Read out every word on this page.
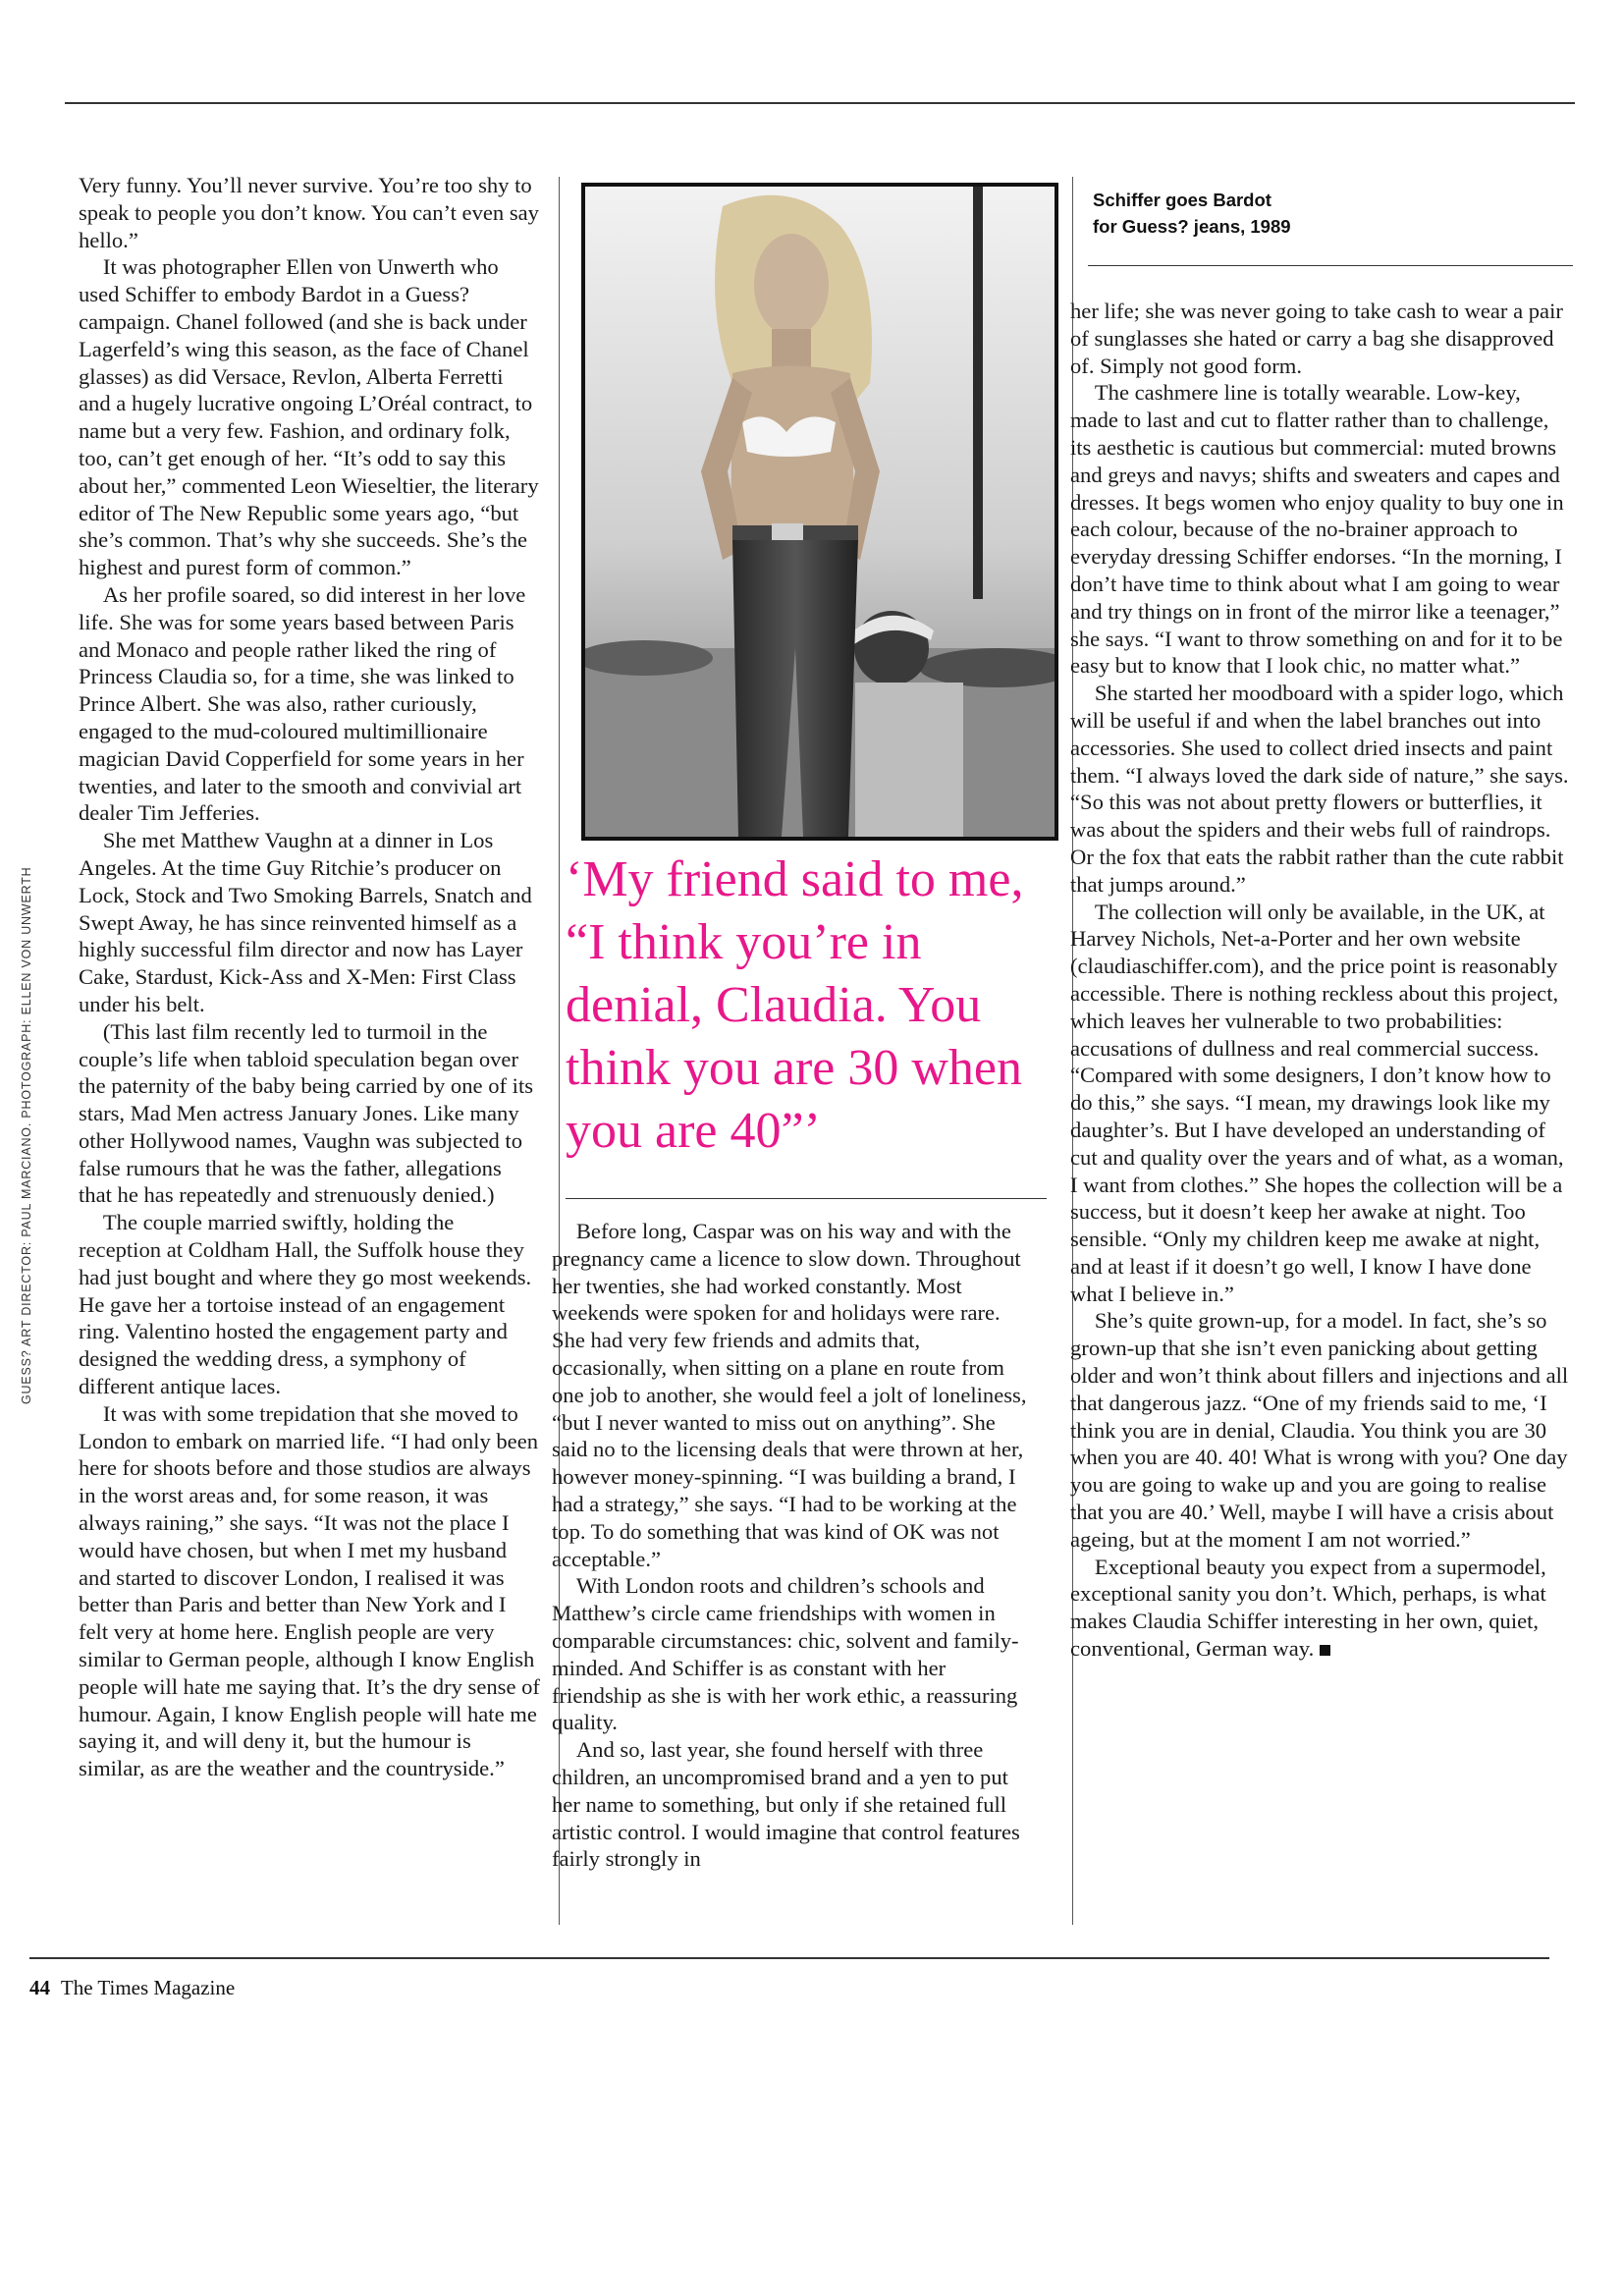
GUESS? ART DIRECTOR: PAUL MARCIANO. PHOTOGRAPH: ELLEN VON UNWERTH

Very funny. You’ll never survive. You’re too shy to speak to people you don’t know. You can’t even say hello.”

It was photographer Ellen von Unwerth who used Schiffer to embody Bardot in a Guess? campaign. Chanel followed (and she is back under Lagerfeld’s wing this season, as the face of Chanel glasses) as did Versace, Revlon, Alberta Ferretti and a hugely lucrative ongoing L’Oréal contract, to name but a very few. Fashion, and ordinary folk, too, can’t get enough of her. “It’s odd to say this about her,” commented Leon Wieseltier, the literary editor of The New Republic some years ago, “but she’s common. That’s why she succeeds. She’s the highest and purest form of common.”

As her profile soared, so did interest in her love life. She was for some years based between Paris and Monaco and people rather liked the ring of Princess Claudia so, for a time, she was linked to Prince Albert. She was also, rather curiously, engaged to the mud-coloured multimillionaire magician David Copperfield for some years in her twenties, and later to the smooth and convivial art dealer Tim Jefferies.

She met Matthew Vaughn at a dinner in Los Angeles. At the time Guy Ritchie’s producer on Lock, Stock and Two Smoking Barrels, Snatch and Swept Away, he has since reinvented himself as a highly successful film director and now has Layer Cake, Stardust, Kick-Ass and X-Men: First Class under his belt.

(This last film recently led to turmoil in the couple’s life when tabloid speculation began over the paternity of the baby being carried by one of its stars, Mad Men actress January Jones. Like many other Hollywood names, Vaughn was subjected to false rumours that he was the father, allegations that he has repeatedly and strenuously denied.)

The couple married swiftly, holding the reception at Coldham Hall, the Suffolk house they had just bought and where they go most weekends. He gave her a tortoise instead of an engagement ring. Valentino hosted the engagement party and designed the wedding dress, a symphony of different antique laces.

It was with some trepidation that she moved to London to embark on married life. “I had only been here for shoots before and those studios are always in the worst areas and, for some reason, it was always raining,” she says. “It was not the place I would have chosen, but when I met my husband and started to discover London, I realised it was better than Paris and better than New York and I felt very at home here. English people are very similar to German people, although I know English people will hate me saying that. It’s the dry sense of humour. Again, I know English people will hate me saying it, and will deny it, but the humour is similar, as are the weather and the countryside.”

Schiffer goes Bardot
for Guess? jeans, 1989

‘My friend said to me, “I think you’re in denial, Claudia. You think you are 30 when you are 40”’

Before long, Caspar was on his way and with the pregnancy came a licence to slow down. Throughout her twenties, she had worked constantly. Most weekends were spoken for and holidays were rare. She had very few friends and admits that, occasionally, when sitting on a plane en route from one job to another, she would feel a jolt of loneliness, “but I never wanted to miss out on anything”. She said no to the licensing deals that were thrown at her, however money-spinning. “I was building a brand, I had a strategy,” she says. “I had to be working at the top. To do something that was kind of OK was not acceptable.”

With London roots and children’s schools and Matthew’s circle came friendships with women in comparable circumstances: chic, solvent and family-minded. And Schiffer is as constant with her friendship as she is with her work ethic, a reassuring quality.

And so, last year, she found herself with three children, an uncompromised brand and a yen to put her name to something, but only if she retained full artistic control. I would imagine that control features fairly strongly in

her life; she was never going to take cash to wear a pair of sunglasses she hated or carry a bag she disapproved of. Simply not good form.

The cashmere line is totally wearable. Low-key, made to last and cut to flatter rather than to challenge, its aesthetic is cautious but commercial: muted browns and greys and navys; shifts and sweaters and capes and dresses. It begs women who enjoy quality to buy one in each colour, because of the no-brainer approach to everyday dressing Schiffer endorses. “In the morning, I don’t have time to think about what I am going to wear and try things on in front of the mirror like a teenager,” she says. “I want to throw something on and for it to be easy but to know that I look chic, no matter what.”

She started her moodboard with a spider logo, which will be useful if and when the label branches out into accessories. She used to collect dried insects and paint them. “I always loved the dark side of nature,” she says. “So this was not about pretty flowers or butterflies, it was about the spiders and their webs full of raindrops. Or the fox that eats the rabbit rather than the cute rabbit that jumps around.”

The collection will only be available, in the UK, at Harvey Nichols, Net-a-Porter and her own website (claudiaschiffer.com), and the price point is reasonably accessible. There is nothing reckless about this project, which leaves her vulnerable to two probabilities: accusations of dullness and real commercial success. “Compared with some designers, I don’t know how to do this,” she says. “I mean, my drawings look like my daughter’s. But I have developed an understanding of cut and quality over the years and of what, as a woman, I want from clothes.” She hopes the collection will be a success, but it doesn’t keep her awake at night. Too sensible. “Only my children keep me awake at night, and at least if it doesn’t go well, I know I have done what I believe in.”

She’s quite grown-up, for a model. In fact, she’s so grown-up that she isn’t even panicking about getting older and won’t think about fillers and injections and all that dangerous jazz. “One of my friends said to me, ‘I think you are in denial, Claudia. You think you are 30 when you are 40. 40! What is wrong with you? One day you are going to wake up and you are going to realise that you are 40.’ Well, maybe I will have a crisis about ageing, but at the moment I am not worried.”

Exceptional beauty you expect from a supermodel, exceptional sanity you don’t. Which, perhaps, is what makes Claudia Schiffer interesting in her own, quiet, conventional, German way.

44 The Times Magazine
